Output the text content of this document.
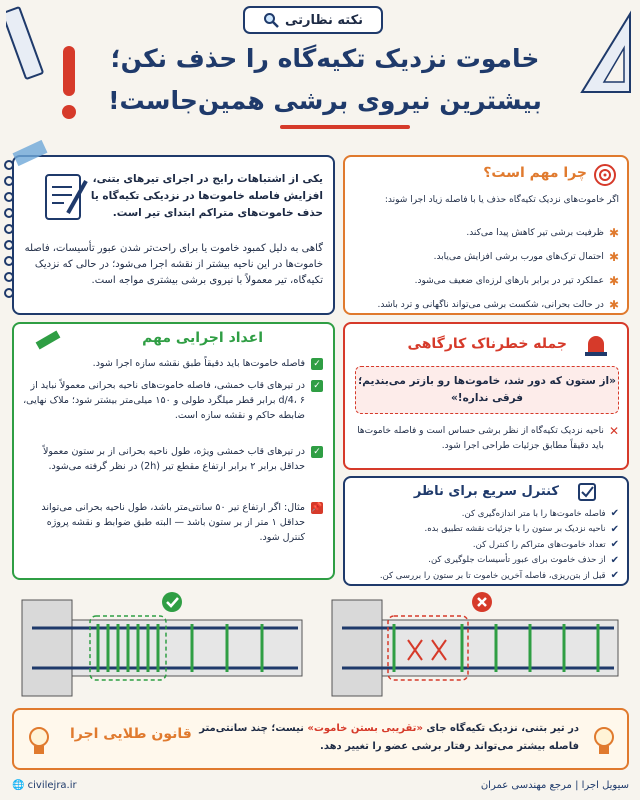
نکته نظارتی
خاموت نزدیک تکیه‌گاه را حذف نکن؛
بیشترین نیروی برشی همین‌جاست!
یکی از اشتباهات رایج در اجرای تیرهای بتنی، افزایش فاصله خاموت‌ها در نزدیکی تکیه‌گاه یا حذف خاموت‌های متراکم ابتدای تیر است.
گاهی به دلیل کمبود خاموت یا برای راحت‌تر شدن عبور تأسیسات، فاصله خاموت‌ها در این ناحیه بیشتر از نقشه اجرا می‌شود؛ در حالی که نزدیک تکیه‌گاه، تیر معمولاً با نیروی برشی بیشتری مواجه است.
چرا مهم است؟
اگر خاموت‌های نزدیک تکیه‌گاه حذف یا با فاصله زیاد اجرا شوند:
✱
ظرفیت برشی تیر کاهش پیدا می‌کند.
✱
احتمال ترک‌های مورب برشی افزایش می‌یابد.
✱
عملکرد تیر در برابر بارهای لرزه‌ای ضعیف می‌شود.
✱
در حالت بحرانی، شکست برشی می‌تواند ناگهانی و ترد باشد.
اعداد اجرایی مهم
✓
فاصله خاموت‌ها باید دقیقاً طبق نقشه سازه اجرا شود.
✓
در تیرهای قاب خمشی، فاصله خاموت‌های ناحیه بحرانی معمولاً نباید از d/4، ۶ برابر قطر میلگرد طولی و ۱۵۰ میلی‌متر بیشتر شود؛ ملاک نهایی، ضابطه حاکم و نقشه سازه است.
✓
در تیرهای قاب خمشی ویژه، طول ناحیه بحرانی از بر ستون معمولاً حداقل برابر ۲ برابر ارتفاع مقطع تیر (2h) در نظر گرفته می‌شود.
📌
مثال: اگر ارتفاع تیر ۵۰ سانتی‌متر باشد، طول ناحیه بحرانی می‌تواند حداقل ۱ متر از بر ستون باشد — البته طبق ضوابط و نقشه پروژه کنترل شود.
جمله خطرناک کارگاهی
«از ستون که دور شد، خاموت‌ها رو بازتر می‌بندیم؛ فرقی نداره!»
✕
ناحیه نزدیک تکیه‌گاه از نظر برشی حساس است و فاصله خاموت‌ها باید دقیقاً مطابق جزئیات طراحی اجرا شود.
کنترل سریع برای ناظر
✔
فاصله خاموت‌ها را با متر اندازه‌گیری کن.
✔
ناحیه نزدیک بر ستون را با جزئیات نقشه تطبیق بده.
✔
تعداد خاموت‌های متراکم را کنترل کن.
✔
از حذف خاموت برای عبور تأسیسات جلوگیری کن.
✔
قبل از بتن‌ریزی، فاصله آخرین خاموت تا بر ستون را بررسی کن.
قانون طلایی اجرا	در تیر بتنی، نزدیک تکیه‌گاه جای «تقریبی بستن خاموت» نیست؛ چند سانتی‌متر فاصله بیشتر می‌تواند رفتار برشی عضو را تغییر دهد.
🌐 civilejra.ir	سیویل اجرا | مرجع مهندسی عمران
